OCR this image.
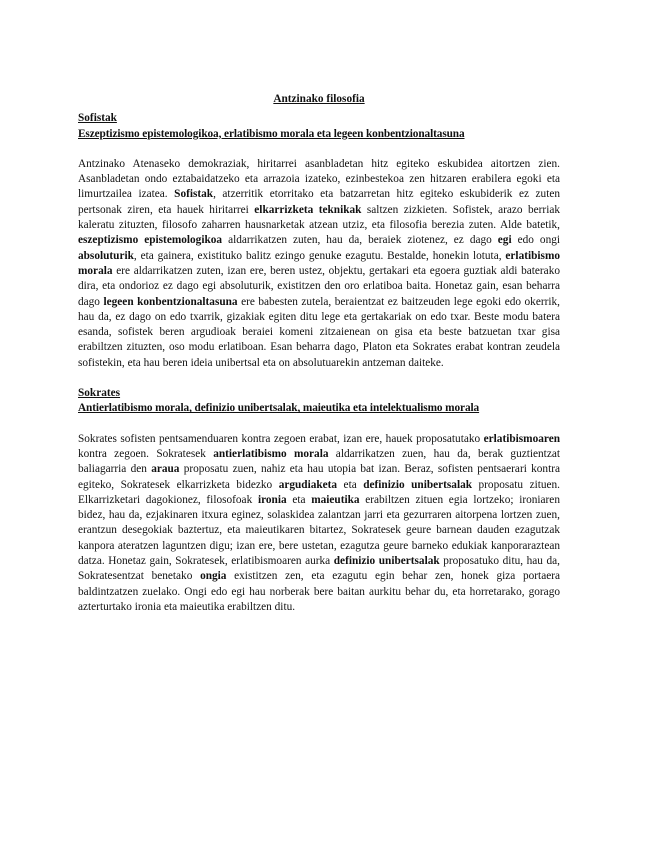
Antzinako filosofia
Sofistak
Eszeptizismo epistemologikoa, erlatibismo morala eta legeen konbentzionaltasuna

Antzinako Atenaseko demokraziak, hiritarrei asanbladetan hitz egiteko eskubidea aitortzen zien. Asanbladetan ondo eztabaidatzeko eta arrazoia izateko, ezinbestekoa zen hitzaren erabilera egoki eta limurtzailea izatea. Sofistak, atzerritik etorritako eta batzarretan hitz egiteko eskubiderik ez zuten pertsonak ziren, eta hauek hiritarrei elkarrizketa teknikak saltzen zizkieten. Sofistek, arazo berriak kaleratu zituzten, filosofo zaharren hausnarketak atzean utziz, eta filosofia berezia zuten. Alde batetik, eszeptizismo epistemologikoa aldarrikatzen zuten, hau da, beraiek ziotenez, ez dago egi edo ongi absoluturik, eta gainera, existituko balitz ezingo genuke ezagutu. Bestalde, honekin lotuta, erlatibismo morala ere aldarrikatzen zuten, izan ere, beren ustez, objektu, gertakari eta egoera guztiak aldi baterako dira, eta ondorioz ez dago egi absoluturik, existitzen den oro erlatiboa baita. Honetaz gain, esan beharra dago legeen konbentzionaltasuna ere babesten zutela, beraientzat ez baitzeuden lege egoki edo okerrik, hau da, ez dago on edo txarrik, gizakiak egiten ditu lege eta gertakariak on edo txar. Beste modu batera esanda, sofistek beren argudioak beraiei komeni zitzaienean on gisa eta beste batzuetan txar gisa erabiltzen zituzten, oso modu erlatiboan. Esan beharra dago, Platon eta Sokrates erabat kontran zeudela sofistekin, eta hau beren ideia unibertsal eta on absolutuarekin antzeman daiteke.

Sokrates
Antierlatibismo morala, definizio unibertsalak, maieutika eta intelektualismo morala

Sokrates sofisten pentsamenduaren kontra zegoen erabat, izan ere, hauek proposatutako erlatibismoaren kontra zegoen. Sokratesek antierlatibismo morala aldarrikatzen zuen, hau da, berak guztientzat baliagarria den araua proposatu zuen, nahiz eta hau utopia bat izan. Beraz, sofisten pentsaerari kontra egiteko, Sokratesek elkarrizketa bidezko argudiaketa eta definizio unibertsalak proposatu zituen. Elkarrizketari dagokionez, filosofoak ironia eta maieutika erabiltzen zituen egia lortzeko; ironiaren bidez, hau da, ezjakinaren itxura eginez, solaskidea zalantzan jarri eta gezurraren aitorpena lortzen zuen, erantzun desegokiak baztertuz, eta maieutikaren bitartez, Sokratesek geure barnean dauden ezagutzak kanpora ateratzen laguntzen digu; izan ere, bere ustetan, ezagutza geure barneko edukiak kanporaraztean datza. Honetaz gain, Sokratesek, erlatibismoaren aurka definizio unibertsalak proposatuko ditu, hau da, Sokratesentzat benetako ongia existitzen zen, eta ezagutu egin behar zen, honek giza portaera baldintzatzen zuelako. Ongi edo egi hau norberak bere baitan aurkitu behar du, eta horretarako, gorago azterturtako ironia eta maieutika erabiltzen ditu.
